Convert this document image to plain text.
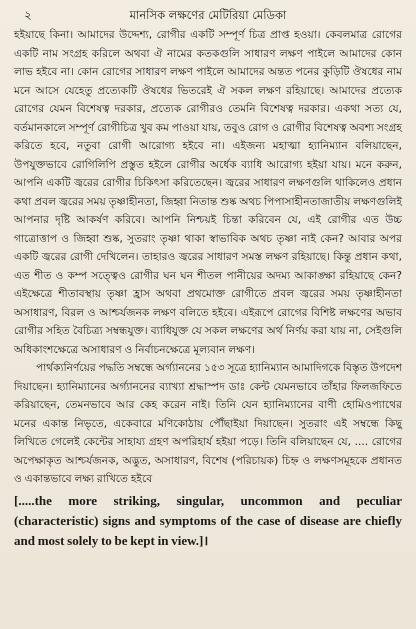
২	মানসিক লক্ষণের মেটিরিয়া মেডিকা

হইয়াছে কিনা। আমাদের উদ্দেশ্য, রোগীর একটি সম্পূর্ণ চিত্র প্রাপ্ত হওয়া। কেবলমাত্র রোগের একটি নাম সংগ্রহ করিলে অথবা ঐ নামের কতকগুলি সাধারণ লক্ষণ পাইলে আমাদের কোন লাভ হইবে না। কোন রোগের সাধারণ লক্ষণ পাইলে আমাদের অন্তত পনের কুড়িটি ঔষধের নাম মনে আসে যেহেতু প্রত্যেকটি ঔষধের ভিতরেই ঐ সকল লক্ষণ রহিয়াছে। আমাদের প্রত্যেক রোগের যেমন বিশেষত্ব দরকার, প্রত্যেক রোগীরও তেমনি বিশেষত্ব দরকার। একথা সত্য যে, বর্তমানকালে সম্পূর্ণ রোগীচিত্র খুব কম পাওয়া যায়, তবুও রোগ ও রোগীর বিশেষত্ব অবশ্য সংগ্রহ করিতে হবে, নতুবা রোগী আরোগ্য হইবে না। এইজন্য মহাত্মা হ্যানিম্যান বলিয়াছেন, উপযুক্তভাবে রোগিলিপি প্রস্তুত হইলে রোগীর অর্ধেক ব্যাধি আরোগ্য হইয়া যায়। মনে করুন, আপনি একটি জ্বরের রোগীর চিকিৎসা করিতেছেন। জ্বরের সাধারণ লক্ষণগুলি থাকিলেও প্রধান কথা প্রবল জ্বরের সময় তৃষ্ণাহীনতা, জিহ্বা নিতান্ত শুষ্ক অথচ পিপাসাহীনতাজাতীয় লক্ষণগুলিই আপনার দৃষ্টি আকর্ষণ করিবে। আপনি নিশ্চয়ই চিন্তা করিবেন যে, এই রোগীর এত উচ্চ গাত্রোত্তাপ ও জিহ্বা শুষ্ক, সুতরাং তৃষ্ণা থাকা স্বাভাবিক অথচ তৃষ্ণা নাই কেন? আবার অপর একটি জ্বরের রোগী দেখিলেন। তাহারও জ্বরের সাধারণ সমস্ত লক্ষণ রহিয়াছে। কিন্তু প্রধান কথা, এত শীত ও কম্প সত্ত্বেও রোগীর ঘন ঘন শীতল পানীয়ের অদম্য আকাঙ্ক্ষা রহিয়াছে কেন? এইক্ষেত্রে শীতাবস্থায় তৃষ্ণা হ্রাস অথবা প্রথমোক্ত রোগীতে প্রবল জ্বরের সময় তৃষ্ণাহীনতা অসাধারণ, বিরল ও আশ্চর্যজনক লক্ষণ বলিতে হইবে। এইরূপে রোগের বিশিষ্ট লক্ষণের অভাব রোগীর সহিত বৈচিত্র্য সম্বন্ধযুক্ত। ব্যাধিযুক্ত যে সকল লক্ষণের অর্থ নির্ণয় করা যায় না, সেইগুলি অধিকাংশক্ষেত্রে অসাধারণ ও নির্বাচনক্ষেত্রে মূল্যবান লক্ষণ।

পার্থক্যনির্ণয়ের পদ্ধতি সম্বন্ধে অর্গ্যাননের ১৫৩ সূত্রে হ্যানিম্যান আমাদিগকে বিস্তৃত উপদেশ দিয়াছেন। হ্যানিম্যানের অর্গ্যাননের ব্যাখ্যা শ্রদ্ধাস্পদ ডাঃ কেন্ট যেমনভাবে তাঁহার ফিলজফিতে করিয়াছেন, তেমনভাবে আর কেহ করেন নাই। তিনি যেন হ্যানিম্যানের বাণী হোমিওপ্যাথের মনের একান্ত নিভৃতে, একেবারে মণিকোঠায় পৌঁছাইয়া দিয়াছেন। সুতরাং এই সম্বন্ধে কিছু লিখিতে গেলেই কেন্টের সাহায্য গ্রহণ অপরিহার্য হইয়া পড়ে। তিনি বলিয়াছেন যে, .... রোগের অপেক্ষাকৃত আশ্চর্যজনক, অদ্ভুত, অসাধারণ, বিশেষ (পরিচায়ক) চিহ্ন ও লক্ষণসমূহকে প্রধানত ও একান্তভাবে লক্ষ্য রাখিতে হইবে

[.....the more striking, singular, uncommon and peculiar (characteristic) signs and symptoms of the case of disease are chiefly and most solely to be kept in view.]।
